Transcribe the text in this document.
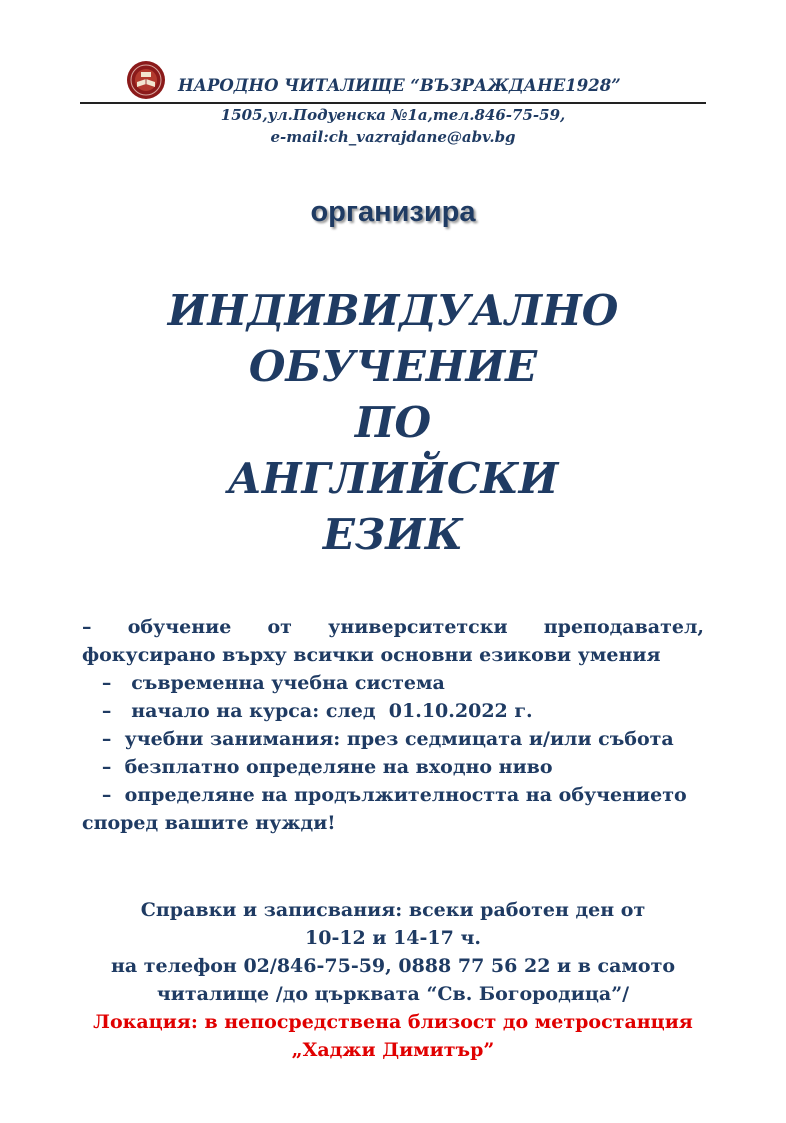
НАРОДНО ЧИТАЛИЩЕ “ВЪЗРАЖДАНЕ1928”
1505,ул.Подуенска №1а,тел.846-75-59,
e-mail:ch_vazrajdane@abv.bg
организира
ИНДИВИДУАЛНО
ОБУЧЕНИЕ
ПО
АНГЛИЙСКИ
ЕЗИК
– обучение от университетски преподавател,
фокусирано върху всички основни езикови умения
–   съвременна учебна система
–   начало на курса: след  01.10.2022 г.
–  учебни занимания: през седмицата и/или събота
–  безплатно определяне на входно ниво
–  определяне на продължителността на обучението
според вашите нужди!
Справки и записвания: всеки работен ден от
10-12 и 14-17 ч.
на телефон 02/846-75-59, 0888 77 56 22 и в самото
читалище /до църквата “Св. Богородица”/
Локация: в непосредствена близост до метростанция
„Хаджи Димитър”
